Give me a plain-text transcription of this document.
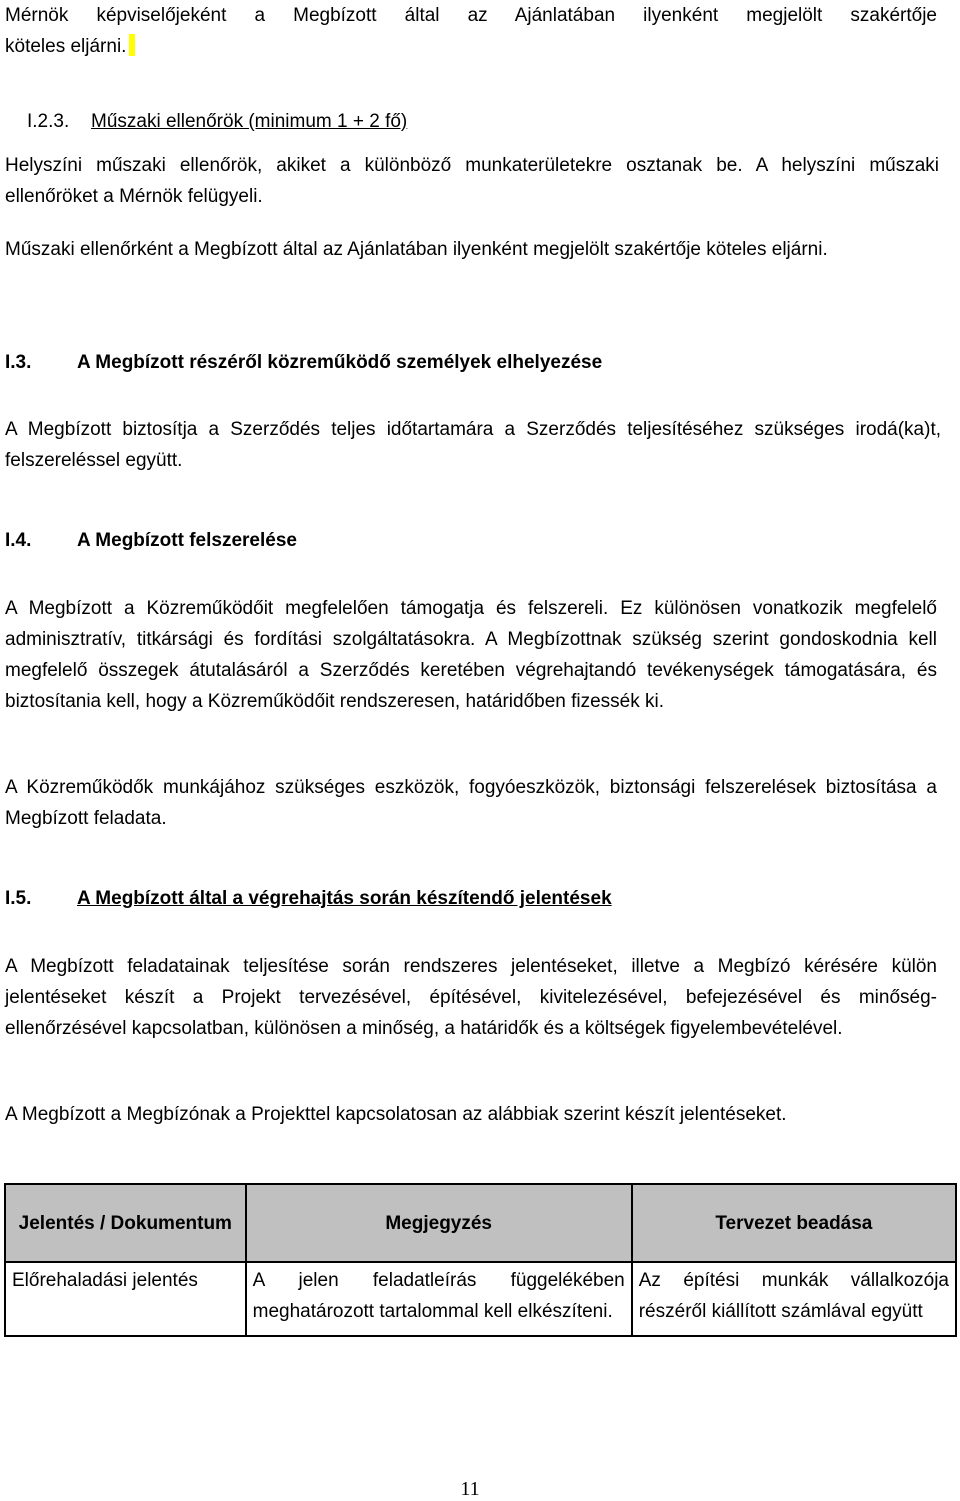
Mérnök képviselőjeként a Megbízott által az Ajánlatában ilyenként megjelölt szakértője
köteles eljárni.

I.2.3. Műszaki ellenőrök (minimum 1 + 2 fő)

Helyszíni műszaki ellenőrök, akiket a különböző munkaterületekre osztanak be. A helyszíni műszaki ellenőröket a Mérnök felügyeli.

Műszaki ellenőrként a Megbízott által az Ajánlatában ilyenként megjelölt szakértője köteles eljárni.

I.3. A Megbízott részéről közreműködő személyek elhelyezése

A Megbízott biztosítja a Szerződés teljes időtartamára a Szerződés teljesítéséhez szükséges irodá(ka)t, felszereléssel együtt.

I.4. A Megbízott felszerelése

A Megbízott a Közreműködőit megfelelően támogatja és felszereli. Ez különösen vonatkozik megfelelő adminisztratív, titkársági és fordítási szolgáltatásokra. A Megbízottnak szükség szerint gondoskodnia kell megfelelő összegek átutalásáról a Szerződés keretében végrehajtandó tevékenységek támogatására, és biztosítania kell, hogy a Közreműködőit rendszeresen, határidőben fizessék ki.

A Közreműködők munkájához szükséges eszközök, fogyóeszközök, biztonsági felszerelések biztosítása a Megbízott feladata.

I.5. A Megbízott által a végrehajtás során készítendő jelentések

A Megbízott feladatainak teljesítése során rendszeres jelentéseket, illetve a Megbízó kérésére külön jelentéseket készít a Projekt tervezésével, építésével, kivitelezésével, befejezésével és minőség-ellenőrzésével kapcsolatban, különösen a minőség, a határidők és a költségek figyelembevételével.

A Megbízott a Megbízónak a Projekttel kapcsolatosan az alábbiak szerint készít jelentéseket.

Jelentés / Dokumentum	Megjegyzés	Tervezet beadása
Előrehaladási jelentés	A jelen feladatleírás függelékében meghatározott tartalommal kell elkészíteni.	Az építési munkák vállalkozója részéről kiállított számlával együtt
11
